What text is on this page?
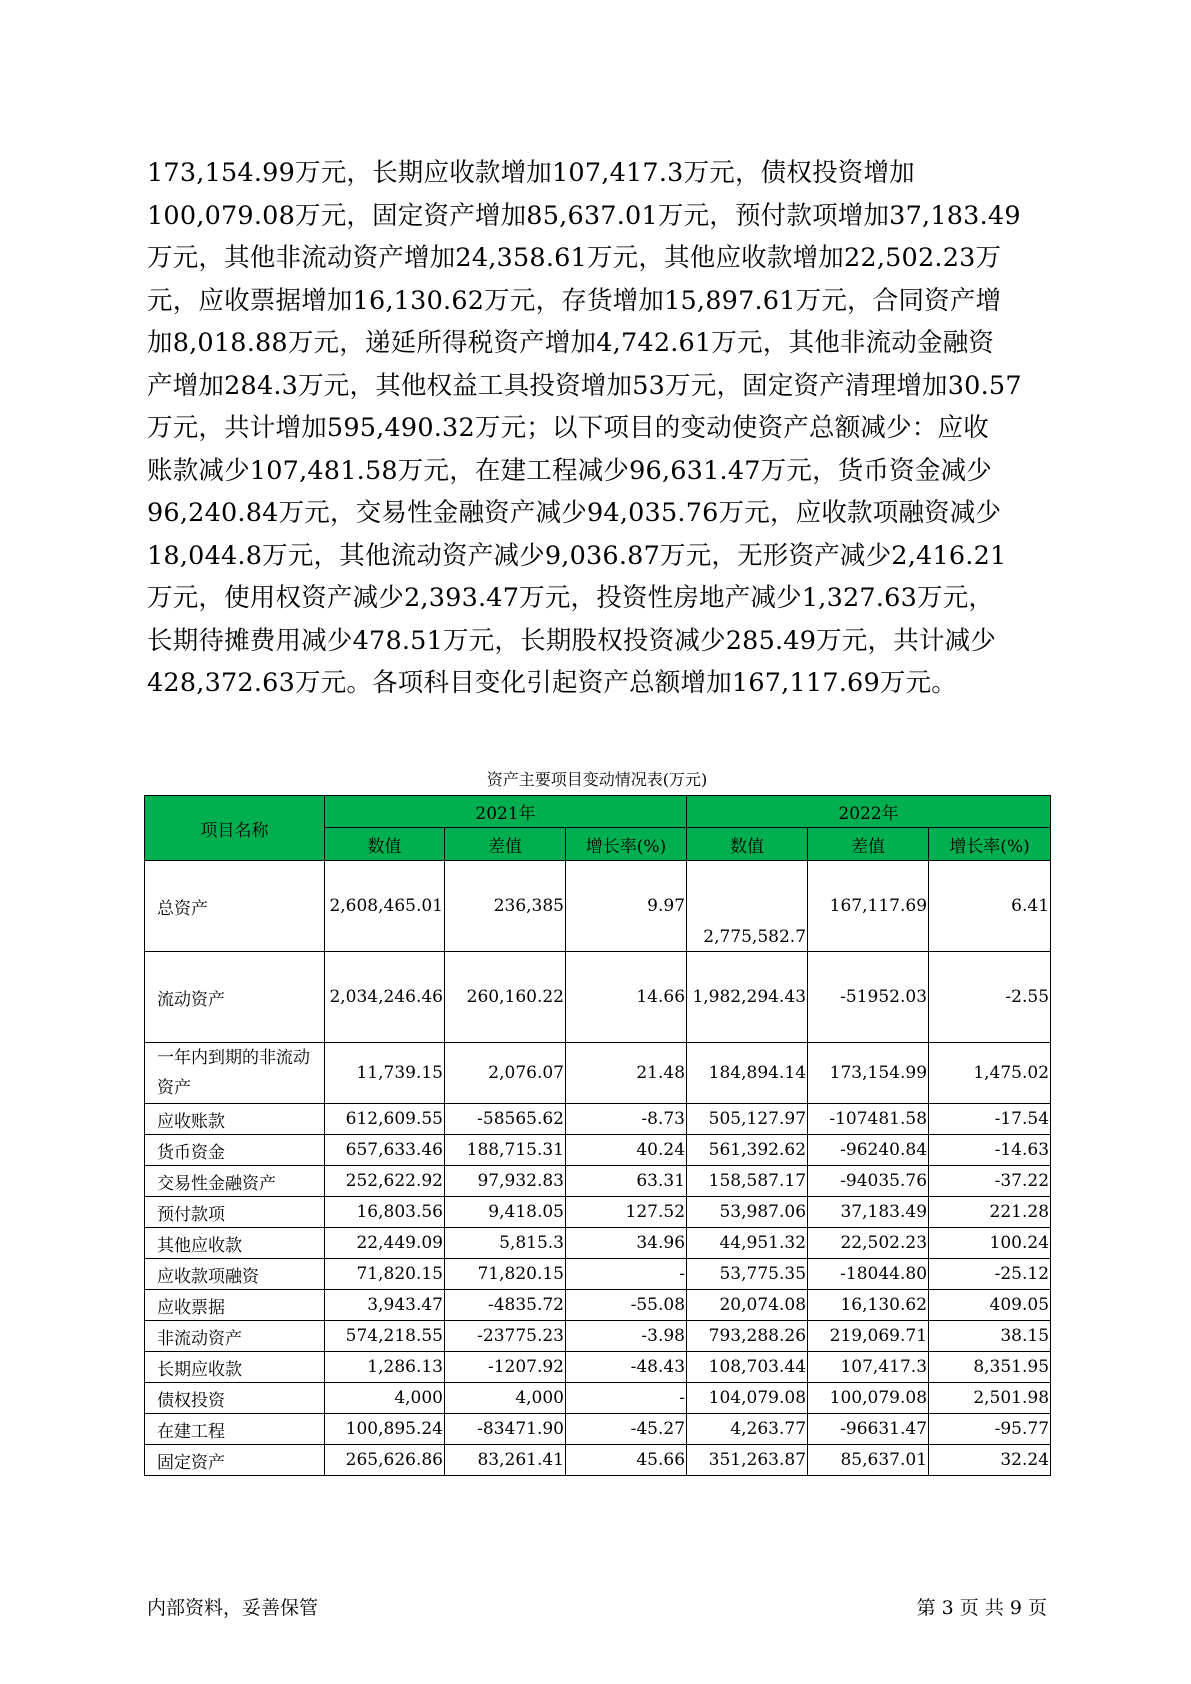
173,154.99万元，长期应收款增加107,417.3万元，债权投资增加
100,079.08万元，固定资产增加85,637.01万元，预付款项增加37,183.49
万元，其他非流动资产增加24,358.61万元，其他应收款增加22,502.23万
元，应收票据增加16,130.62万元，存货增加15,897.61万元，合同资产增
加8,018.88万元，递延所得税资产增加4,742.61万元，其他非流动金融资
产增加284.3万元，其他权益工具投资增加53万元，固定资产清理增加30.57
万元，共计增加595,490.32万元；以下项目的变动使资产总额减少：应收
账款减少107,481.58万元，在建工程减少96,631.47万元，货币资金减少
96,240.84万元，交易性金融资产减少94,035.76万元，应收款项融资减少
18,044.8万元，其他流动资产减少9,036.87万元，无形资产减少2,416.21
万元，使用权资产减少2,393.47万元，投资性房地产减少1,327.63万元，
长期待摊费用减少478.51万元，长期股权投资减少285.49万元，共计减少
428,372.63万元。各项科目变化引起资产总额增加167,117.69万元。
资产主要项目变动情况表(万元)
项目名称	2021年			2022年		
	数值	差值	增长率(%)	数值	差值	增长率(%)
总资产	2,608,465.01	236,385	9.97	2,775,582.7	167,117.69	6.41
流动资产	2,034,246.46	260,160.22	14.66	1,982,294.43	-51952.03	-2.55
一年内到期的非流动资产	11,739.15	2,076.07	21.48	184,894.14	173,154.99	1,475.02
应收账款	612,609.55	-58565.62	-8.73	505,127.97	-107481.58	-17.54
货币资金	657,633.46	188,715.31	40.24	561,392.62	-96240.84	-14.63
交易性金融资产	252,622.92	97,932.83	63.31	158,587.17	-94035.76	-37.22
预付款项	16,803.56	9,418.05	127.52	53,987.06	37,183.49	221.28
其他应收款	22,449.09	5,815.3	34.96	44,951.32	22,502.23	100.24
应收款项融资	71,820.15	71,820.15	-	53,775.35	-18044.80	-25.12
应收票据	3,943.47	-4835.72	-55.08	20,074.08	16,130.62	409.05
非流动资产	574,218.55	-23775.23	-3.98	793,288.26	219,069.71	38.15
长期应收款	1,286.13	-1207.92	-48.43	108,703.44	107,417.3	8,351.95
债权投资	4,000	4,000	-	104,079.08	100,079.08	2,501.98
在建工程	100,895.24	-83471.90	-45.27	4,263.77	-96631.47	-95.77
固定资产	265,626.86	83,261.41	45.66	351,263.87	85,637.01	32.24
内部资料，妥善保管	第 3 页 共 9 页
